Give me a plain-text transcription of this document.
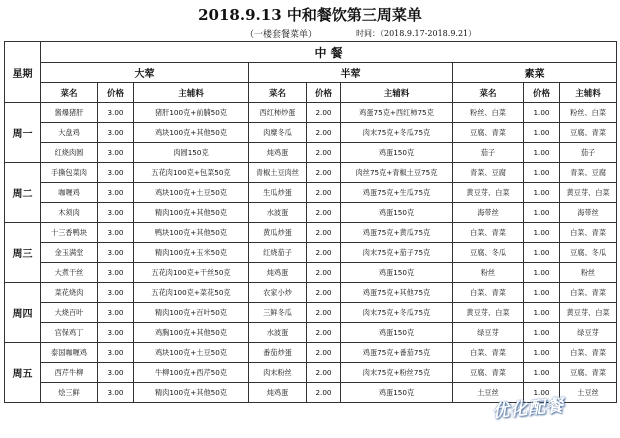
2018.9.13 中和餐饮第三周菜单
（一楼套餐菜单）	时间：（2018.9.17-2018.9.21）
星期	中 餐								
	大荤			半荤			素菜		
	菜名	价格	主辅料	菜名	价格	主辅料	菜名	价格	主辅料
周一	酱爆猪肝	3.00	猪肝100克+前腩50克	西红柿炒蛋	2.00	鸡蛋75克+西红柿75克	粉丝、白菜	1.00	粉丝、白菜
	大盘鸡	3.00	鸡块100克+其他50克	肉糜冬瓜	2.00	肉末75克+冬瓜75克	豆腐、青菜	1.00	豆腐、青菜
	红烧肉圆	3.00	肉圆150克	炖鸡蛋	2.00	鸡蛋150克	茄子	1.00	茄子
周二	手撕包菜肉	3.00	五花肉100克+包菜50克	青椒土豆肉丝	2.00	肉丝75克+青椒土豆75克	青菜、豆腐	1.00	青菜、豆腐
	咖喱鸡	3.00	鸡块100克+土豆50克	生瓜炒蛋	2.00	鸡蛋75克+生瓜75克	黄豆芽、白菜	1.00	黄豆芽、白菜
	木须肉	3.00	精肉100克+其他50克	水波蛋	2.00	鸡蛋150克	海带丝	1.00	海带丝
周三	十三香鸭块	3.00	鸭块100克+其他50克	黄瓜炒蛋	2.00	鸡蛋75克+黄瓜75克	白菜、青菜	1.00	白菜、青菜
	金玉满堂	3.00	精肉100克+玉米50克	红烧茄子	2.00	肉末75克+茄子75克	豆腐、冬瓜	1.00	豆腐、冬瓜
	大煮干丝	3.00	五花肉100克+干丝50克	炖鸡蛋	2.00	鸡蛋150克	粉丝	1.00	粉丝
周四	菜花烧肉	3.00	五花肉100克+菜花50克	农家小炒	2.00	鸡蛋75克+其他75克	白菜、青菜	1.00	白菜、青菜
	大烧百叶	3.00	精肉100克+百叶50克	三鲜冬瓜	2.00	肉末75克+冬瓜75克	黄豆芽、白菜	1.00	黄豆芽、白菜
	宫保鸡丁	3.00	鸡胸100克+其他50克	水波蛋	2.00	鸡蛋150克	绿豆芽	1.00	绿豆芽
周五	泰国咖喱鸡	3.00	鸡块100克+土豆50克	番茄炒蛋	2.00	鸡蛋75克+番茄75克	白菜、青菜	1.00	白菜、青菜
	西芹牛柳	3.00	牛柳100克+西芹50克	肉末粉丝	2.00	肉末75克+粉丝75克	豆腐、青菜	1.00	豆腐、青菜
	烩三鲜	3.00	精肉100克+其他50克	炖鸡蛋	2.00	鸡蛋150克	土豆丝	1.00	土豆丝
优化配餐
